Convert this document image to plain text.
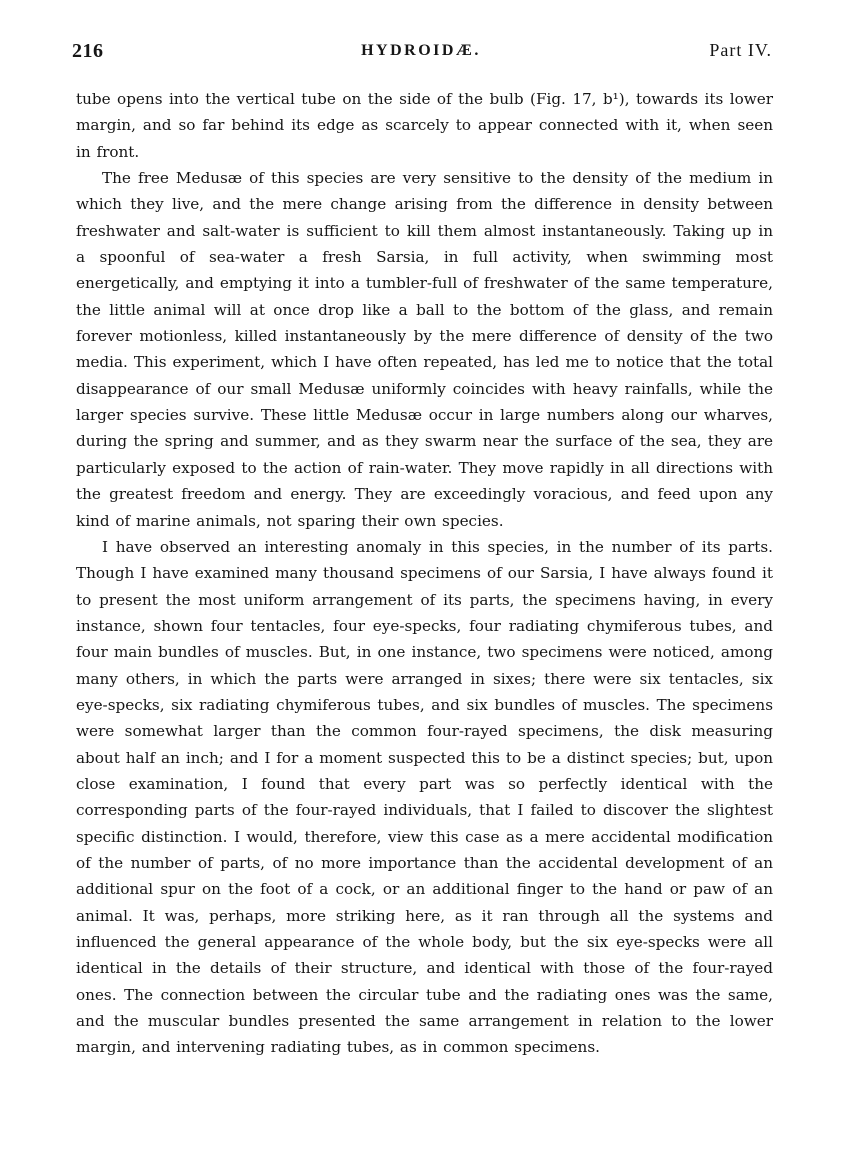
216	HYDROIDÆ.	Part IV.

tube opens into the vertical tube on the side of the bulb (Fig. 17, b¹), towards its lower margin, and so far behind its edge as scarcely to appear connected with it, when seen in front.

The free Medusæ of this species are very sensitive to the density of the medium in which they live, and the mere change arising from the difference in density between freshwater and salt-water is sufficient to kill them almost instantaneously. Taking up in a spoonful of sea-water a fresh Sarsia, in full activity, when swimming most energetically, and emptying it into a tumbler-full of freshwater of the same temperature, the little animal will at once drop like a ball to the bottom of the glass, and remain forever motionless, killed instantaneously by the mere difference of density of the two media. This experiment, which I have often repeated, has led me to notice that the total disappearance of our small Medusæ uniformly coincides with heavy rainfalls, while the larger species survive. These little Medusæ occur in large numbers along our wharves, during the spring and summer, and as they swarm near the surface of the sea, they are particularly exposed to the action of rain-water. They move rapidly in all directions with the greatest freedom and energy. They are exceedingly voracious, and feed upon any kind of marine animals, not sparing their own species.

I have observed an interesting anomaly in this species, in the number of its parts. Though I have examined many thousand specimens of our Sarsia, I have always found it to present the most uniform arrangement of its parts, the specimens having, in every instance, shown four tentacles, four eye-specks, four radiating chymiferous tubes, and four main bundles of muscles. But, in one instance, two specimens were noticed, among many others, in which the parts were arranged in sixes; there were six tentacles, six eye-specks, six radiating chymiferous tubes, and six bundles of muscles. The specimens were somewhat larger than the common four-rayed specimens, the disk measuring about half an inch; and I for a moment suspected this to be a distinct species; but, upon close examination, I found that every part was so perfectly identical with the corresponding parts of the four-rayed individuals, that I failed to discover the slightest specific distinction. I would, therefore, view this case as a mere accidental modification of the number of parts, of no more importance than the accidental development of an additional spur on the foot of a cock, or an additional finger to the hand or paw of an animal. It was, perhaps, more striking here, as it ran through all the systems and influenced the general appearance of the whole body, but the six eye-specks were all identical in the details of their structure, and identical with those of the four-rayed ones. The connection between the circular tube and the radiating ones was the same, and the muscular bundles presented the same arrangement in relation to the lower margin, and intervening radiating tubes, as in common specimens.
